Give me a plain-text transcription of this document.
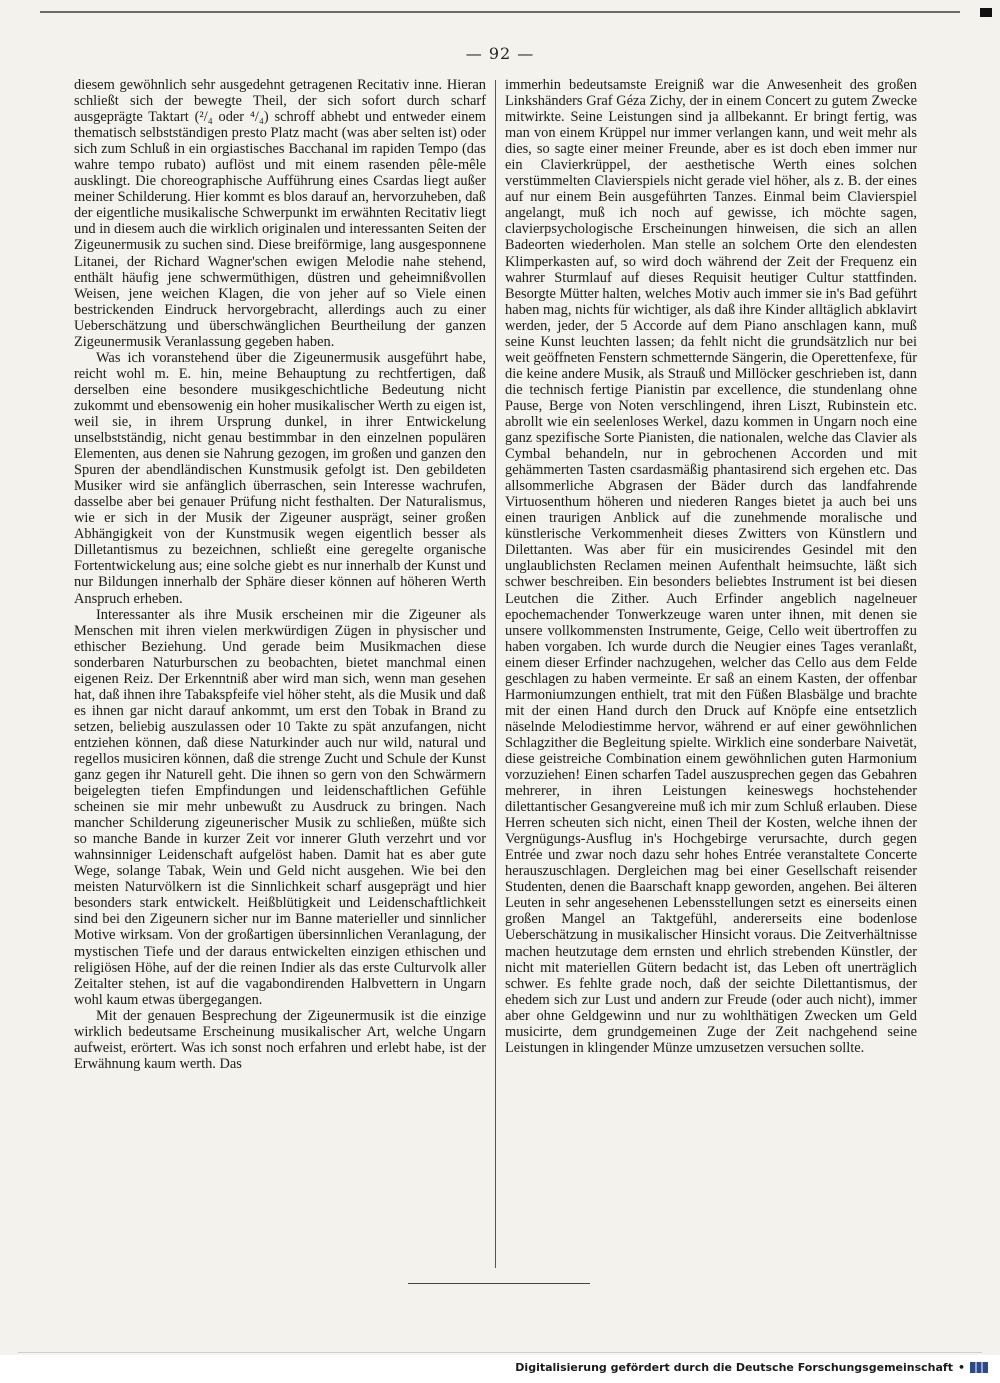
— 92 —

diesem gewöhnlich sehr ausgedehnt getragenen Recitativ inne. Hieran schließt sich der bewegte Theil, der sich sofort durch scharf ausgeprägte Taktart (²/₄ oder ⁴/₄) schroff abhebt und entweder einem thematisch selbstständigen presto Platz macht (was aber selten ist) oder sich zum Schluß in ein orgiastisches Bacchanal im rapiden Tempo (das wahre tempo rubato) auflöst und mit einem rasenden pêle-mêle ausklingt. Die choreographische Aufführung eines Csardas liegt außer meiner Schilderung. Hier kommt es blos darauf an, hervorzuheben, daß der eigentliche musikalische Schwerpunkt im erwähnten Recitativ liegt und in diesem auch die wirklich originalen und interessanten Seiten der Zigeunermusik zu suchen sind. Diese breiförmige, lang ausgesponnene Litanei, der Richard Wagner'schen ewigen Melodie nahe stehend, enthält häufig jene schwermüthigen, düstren und geheimnißvollen Weisen, jene weichen Klagen, die von jeher auf so Viele einen bestrickenden Eindruck hervorgebracht, allerdings auch zu einer Ueberschätzung und überschwänglichen Beurtheilung der ganzen Zigeunermusik Veranlassung gegeben haben.

Was ich voranstehend über die Zigeunermusik ausgeführt habe, reicht wohl m. E. hin, meine Behauptung zu rechtfertigen, daß derselben eine besondere musikgeschichtliche Bedeutung nicht zukommt und ebensowenig ein hoher musikalischer Werth zu eigen ist, weil sie, in ihrem Ursprung dunkel, in ihrer Entwickelung unselbstständig, nicht genau bestimmbar in den einzelnen populären Elementen, aus denen sie Nahrung gezogen, im großen und ganzen den Spuren der abendländischen Kunstmusik gefolgt ist. Den gebildeten Musiker wird sie anfänglich überraschen, sein Interesse wachrufen, dasselbe aber bei genauer Prüfung nicht festhalten. Der Naturalismus, wie er sich in der Musik der Zigeuner ausprägt, seiner großen Abhängigkeit von der Kunstmusik wegen eigentlich besser als Dilletantismus zu bezeichnen, schließt eine geregelte organische Fortentwickelung aus; eine solche giebt es nur innerhalb der Kunst und nur Bildungen innerhalb der Sphäre dieser können auf höheren Werth Anspruch erheben.

Interessanter als ihre Musik erscheinen mir die Zigeuner als Menschen mit ihren vielen merkwürdigen Zügen in physischer und ethischer Beziehung. Und gerade beim Musikmachen diese sonderbaren Naturburschen zu beobachten, bietet manchmal einen eigenen Reiz. Der Erkenntniß aber wird man sich, wenn man gesehen hat, daß ihnen ihre Tabakspfeife viel höher steht, als die Musik und daß es ihnen gar nicht darauf ankommt, um erst den Tobak in Brand zu setzen, beliebig auszulassen oder 10 Takte zu spät anzufangen, nicht entziehen können, daß diese Naturkinder auch nur wild, natural und regellos musiciren können, daß die strenge Zucht und Schule der Kunst ganz gegen ihr Naturell geht. Die ihnen so gern von den Schwärmern beigelegten tiefen Empfindungen und leidenschaftlichen Gefühle scheinen sie mir mehr unbewußt zu Ausdruck zu bringen. Nach mancher Schilderung zigeunerischer Musik zu schließen, müßte sich so manche Bande in kurzer Zeit vor innerer Gluth verzehrt und vor wahnsinniger Leidenschaft aufgelöst haben. Damit hat es aber gute Wege, solange Tabak, Wein und Geld nicht ausgehen. Wie bei den meisten Naturvölkern ist die Sinnlichkeit scharf ausgeprägt und hier besonders stark entwickelt. Heißblütigkeit und Leidenschaftlichkeit sind bei den Zigeunern sicher nur im Banne materieller und sinnlicher Motive wirksam. Von der großartigen übersinnlichen Veranlagung, der mystischen Tiefe und der daraus entwickelten einzigen ethischen und religiösen Höhe, auf der die reinen Indier als das erste Culturvolk aller Zeitalter stehen, ist auf die vagabondirenden Halbvettern in Ungarn wohl kaum etwas übergegangen.

Mit der genauen Besprechung der Zigeunermusik ist die einzige wirklich bedeutsame Erscheinung musikalischer Art, welche Ungarn aufweist, erörtert. Was ich sonst noch erfahren und erlebt habe, ist der Erwähnung kaum werth. Das

immerhin bedeutsamste Ereigniß war die Anwesenheit des großen Linkshänders Graf Géza Zichy, der in einem Concert zu gutem Zwecke mitwirkte. Seine Leistungen sind ja allbekannt. Er bringt fertig, was man von einem Krüppel nur immer verlangen kann, und weit mehr als dies, so sagte einer meiner Freunde, aber es ist doch eben immer nur ein Clavierkrüppel, der aesthetische Werth eines solchen verstümmelten Clavierspiels nicht gerade viel höher, als z. B. der eines auf nur einem Bein ausgeführten Tanzes. Einmal beim Clavierspiel angelangt, muß ich noch auf gewisse, ich möchte sagen, clavierpsychologische Erscheinungen hinweisen, die sich an allen Badeorten wiederholen. Man stelle an solchem Orte den elendesten Klimperkasten auf, so wird doch während der Zeit der Frequenz ein wahrer Sturmlauf auf dieses Requisit heutiger Cultur stattfinden. Besorgte Mütter halten, welches Motiv auch immer sie in's Bad geführt haben mag, nichts für wichtiger, als daß ihre Kinder alltäglich abklavirt werden, jeder, der 5 Accorde auf dem Piano anschlagen kann, muß seine Kunst leuchten lassen; da fehlt nicht die grundsätzlich nur bei weit geöffneten Fenstern schmetternde Sängerin, die Operettenfexe, für die keine andere Musik, als Strauß und Millöcker geschrieben ist, dann die technisch fertige Pianistin par excellence, die stundenlang ohne Pause, Berge von Noten verschlingend, ihren Liszt, Rubinstein etc. abrollt wie ein seelenloses Werkel, dazu kommen in Ungarn noch eine ganz spezifische Sorte Pianisten, die nationalen, welche das Clavier als Cymbal behandeln, nur in gebrochenen Accorden und mit gehämmerten Tasten csardasmäßig phantasirend sich ergehen etc. Das allsommerliche Abgrasen der Bäder durch das landfahrende Virtuosenthum höheren und niederen Ranges bietet ja auch bei uns einen traurigen Anblick auf die zunehmende moralische und künstlerische Verkommenheit dieses Zwitters von Künstlern und Dilettanten. Was aber für ein musicirendes Gesindel mit den unglaublichsten Reclamen meinen Aufenthalt heimsuchte, läßt sich schwer beschreiben. Ein besonders beliebtes Instrument ist bei diesen Leutchen die Zither. Auch Erfinder angeblich nagelneuer epochemachender Tonwerkzeuge waren unter ihnen, mit denen sie unsere vollkommensten Instrumente, Geige, Cello weit übertroffen zu haben vorgaben. Ich wurde durch die Neugier eines Tages veranlaßt, einem dieser Erfinder nachzugehen, welcher das Cello aus dem Felde geschlagen zu haben vermeinte. Er saß an einem Kasten, der offenbar Harmoniumzungen enthielt, trat mit den Füßen Blasbälge und brachte mit der einen Hand durch den Druck auf Knöpfe eine entsetzlich näselnde Melodiestimme hervor, während er auf einer gewöhnlichen Schlagzither die Begleitung spielte. Wirklich eine sonderbare Naivetät, diese geistreiche Combination einem gewöhnlichen guten Harmonium vorzuziehen! Einen scharfen Tadel auszusprechen gegen das Gebahren mehrerer, in ihren Leistungen keineswegs hochstehender dilettantischer Gesangvereine muß ich mir zum Schluß erlauben. Diese Herren scheuten sich nicht, einen Theil der Kosten, welche ihnen der Vergnügungs-Ausflug in's Hochgebirge verursachte, durch gegen Entrée und zwar noch dazu sehr hohes Entrée veranstaltete Concerte herauszuschlagen. Dergleichen mag bei einer Gesellschaft reisender Studenten, denen die Baarschaft knapp geworden, angehen. Bei älteren Leuten in sehr angesehenen Lebensstellungen setzt es einerseits einen großen Mangel an Taktgefühl, andererseits eine bodenlose Ueberschätzung in musikalischer Hinsicht voraus. Die Zeitverhältnisse machen heutzutage dem ernsten und ehrlich strebenden Künstler, der nicht mit materiellen Gütern bedacht ist, das Leben oft unerträglich schwer. Es fehlte grade noch, daß der seichte Dilettantismus, der ehedem sich zur Lust und andern zur Freude (oder auch nicht), immer aber ohne Geldgewinn und nur zu wohlthätigen Zwecken um Geld musicirte, dem grundgemeinen Zuge der Zeit nachgehend seine Leistungen in klingender Münze umzusetzen versuchen sollte.

Digitalisierung gefördert durch die Deutsche Forschungsgemeinschaft •
